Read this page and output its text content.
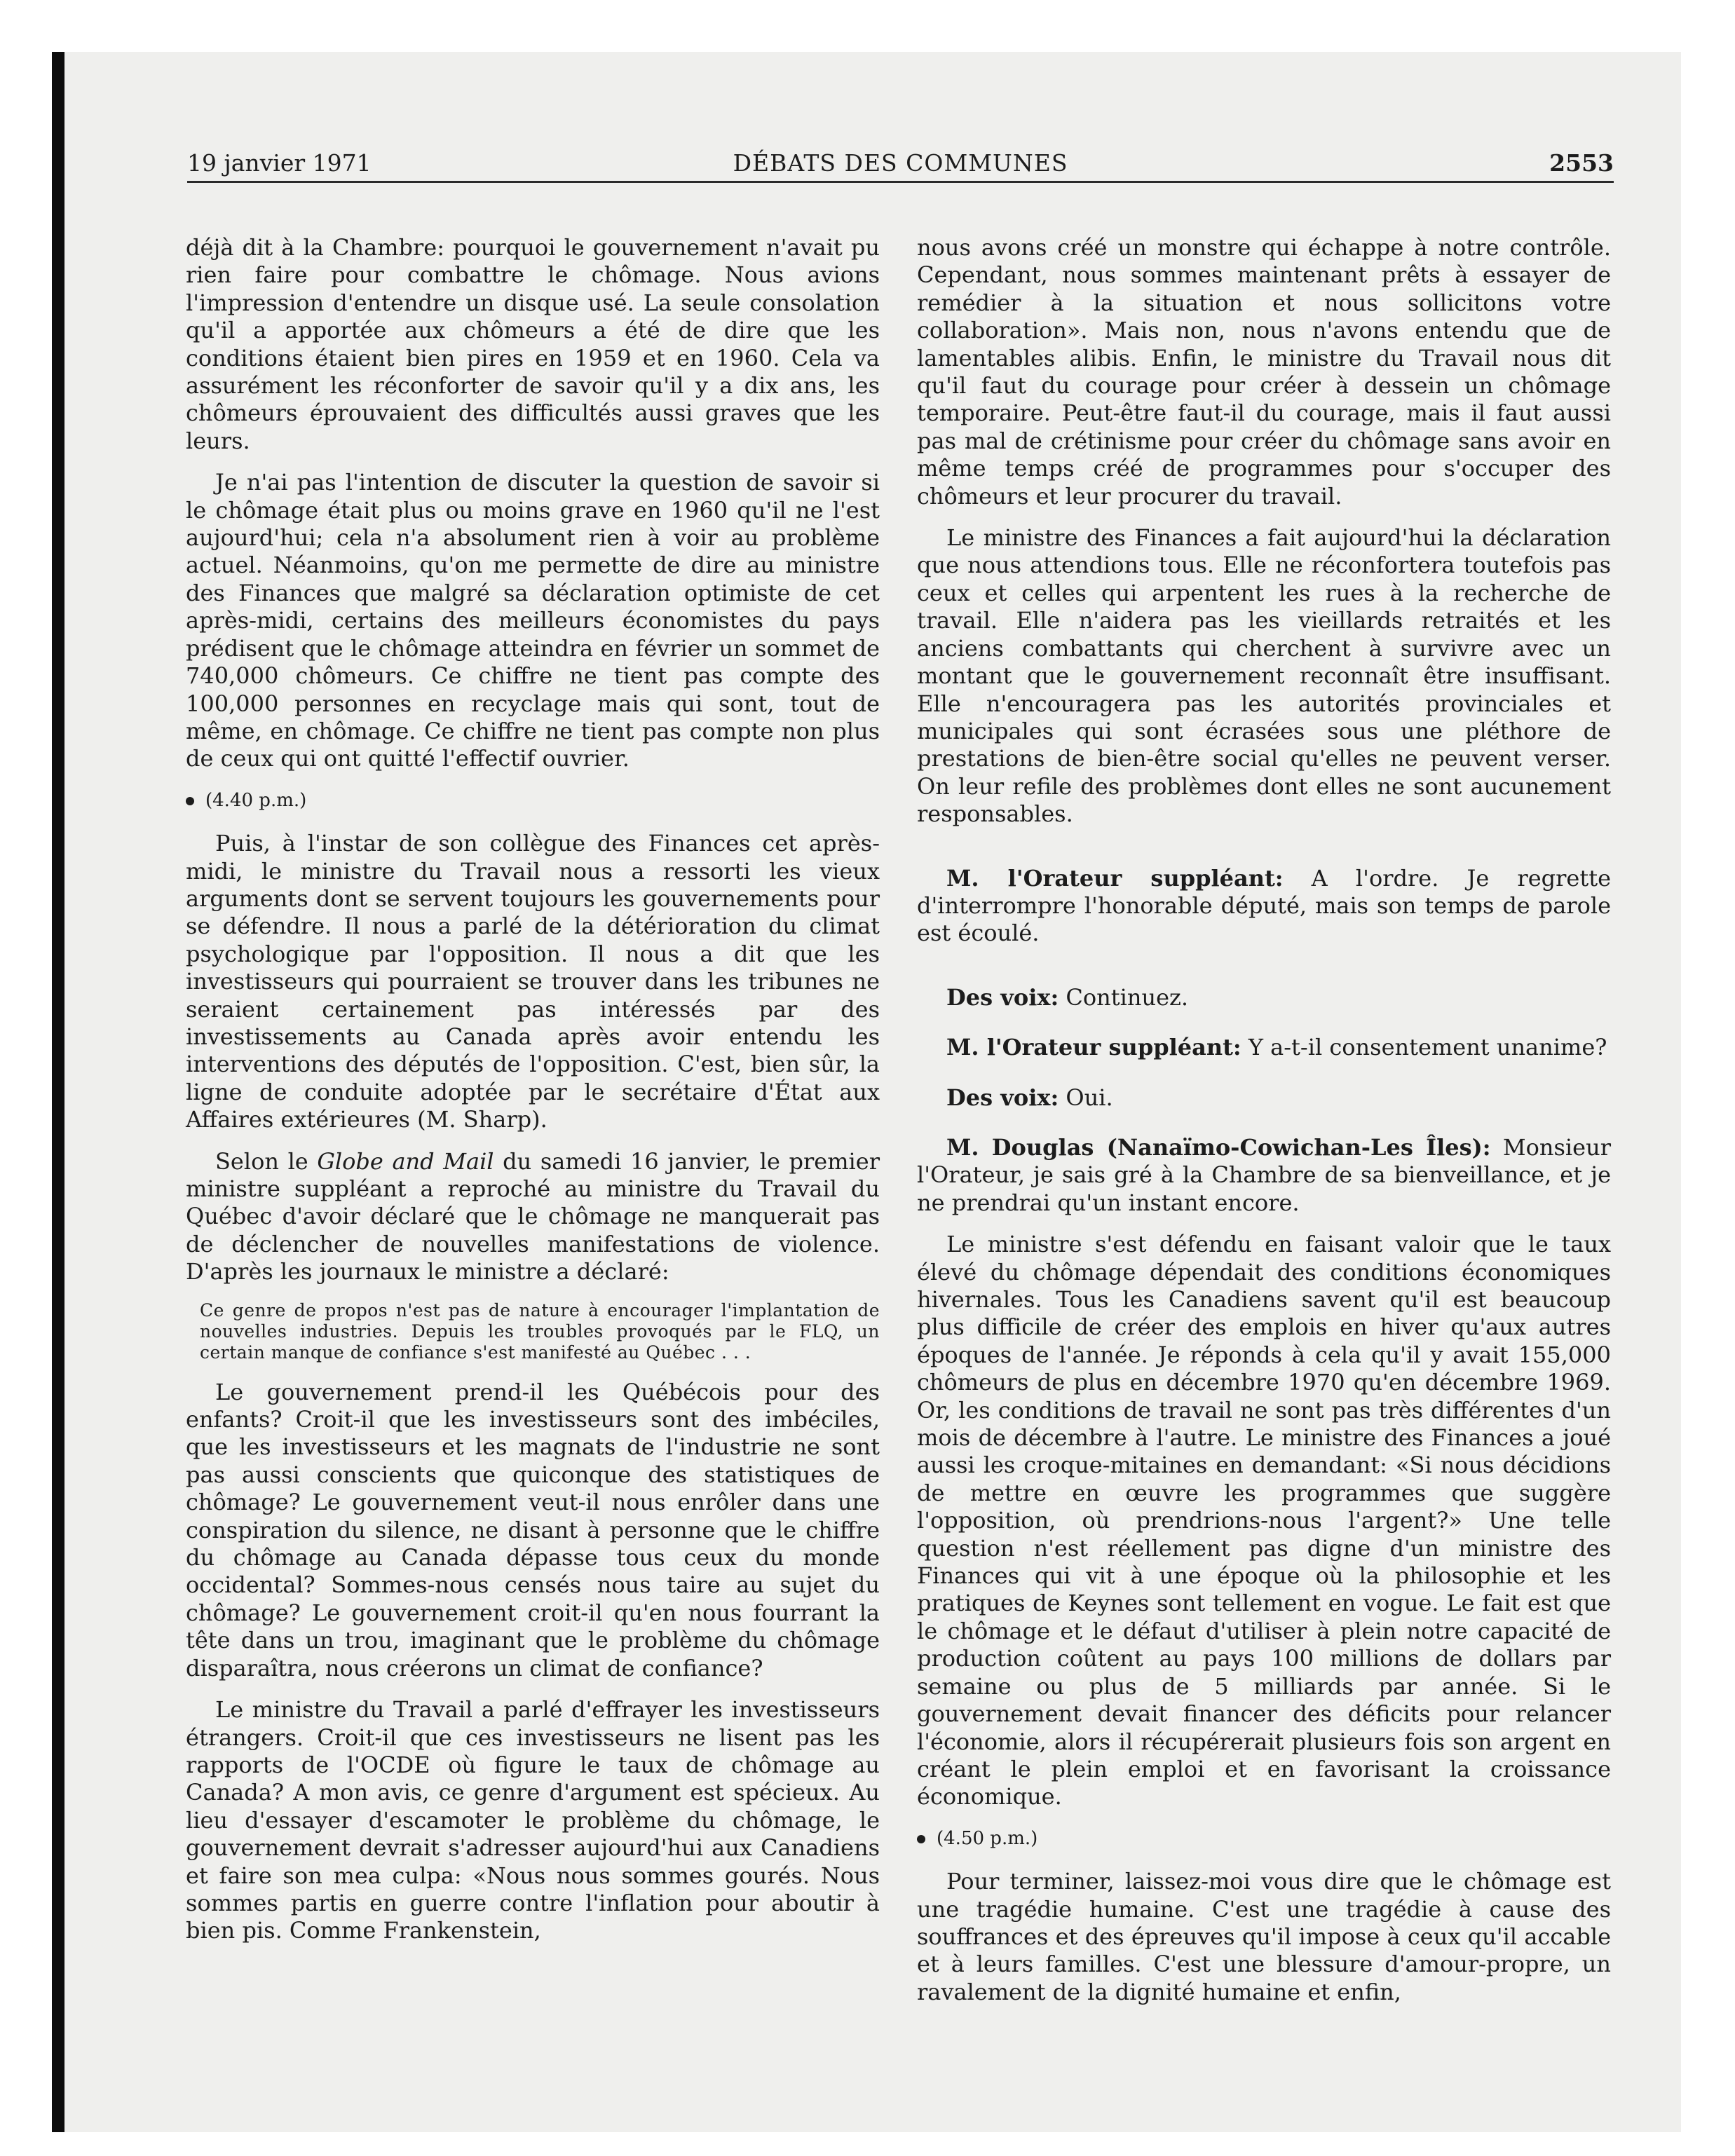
19 janvier 1971	DÉBATS DES COMMUNES	2553

déjà dit à la Chambre: pourquoi le gouvernement n'avait pu rien faire pour combattre le chômage. Nous avions l'impression d'entendre un disque usé. La seule consolation qu'il a apportée aux chômeurs a été de dire que les conditions étaient bien pires en 1959 et en 1960. Cela va assurément les réconforter de savoir qu'il y a dix ans, les chômeurs éprouvaient des difficultés aussi graves que les leurs.

Je n'ai pas l'intention de discuter la question de savoir si le chômage était plus ou moins grave en 1960 qu'il ne l'est aujourd'hui; cela n'a absolument rien à voir au problème actuel. Néanmoins, qu'on me permette de dire au ministre des Finances que malgré sa déclaration optimiste de cet après-midi, certains des meilleurs économistes du pays prédisent que le chômage atteindra en février un sommet de 740,000 chômeurs. Ce chiffre ne tient pas compte des 100,000 personnes en recyclage mais qui sont, tout de même, en chômage. Ce chiffre ne tient pas compte non plus de ceux qui ont quitté l'effectif ouvrier.

(4.40 p.m.)

Puis, à l'instar de son collègue des Finances cet après-midi, le ministre du Travail nous a ressorti les vieux arguments dont se servent toujours les gouvernements pour se défendre. Il nous a parlé de la détérioration du climat psychologique par l'opposition. Il nous a dit que les investisseurs qui pourraient se trouver dans les tribunes ne seraient certainement pas intéressés par des investissements au Canada après avoir entendu les interventions des députés de l'opposition. C'est, bien sûr, la ligne de conduite adoptée par le secrétaire d'État aux Affaires extérieures (M. Sharp).

Selon le Globe and Mail du samedi 16 janvier, le premier ministre suppléant a reproché au ministre du Travail du Québec d'avoir déclaré que le chômage ne manquerait pas de déclencher de nouvelles manifestations de violence. D'après les journaux le ministre a déclaré:

Ce genre de propos n'est pas de nature à encourager l'implantation de nouvelles industries. Depuis les troubles provoqués par le FLQ, un certain manque de confiance s'est manifesté au Québec . . .

Le gouvernement prend-il les Québécois pour des enfants? Croit-il que les investisseurs sont des imbéciles, que les investisseurs et les magnats de l'industrie ne sont pas aussi conscients que quiconque des statistiques de chômage? Le gouvernement veut-il nous enrôler dans une conspiration du silence, ne disant à personne que le chiffre du chômage au Canada dépasse tous ceux du monde occidental? Sommes-nous censés nous taire au sujet du chômage? Le gouvernement croit-il qu'en nous fourrant la tête dans un trou, imaginant que le problème du chômage disparaîtra, nous créerons un climat de confiance?

Le ministre du Travail a parlé d'effrayer les investisseurs étrangers. Croit-il que ces investisseurs ne lisent pas les rapports de l'OCDE où figure le taux de chômage au Canada? A mon avis, ce genre d'argument est spécieux. Au lieu d'essayer d'escamoter le problème du chômage, le gouvernement devrait s'adresser aujourd'hui aux Canadiens et faire son mea culpa: «Nous nous sommes gourés. Nous sommes partis en guerre contre l'inflation pour aboutir à bien pis. Comme Frankenstein,

nous avons créé un monstre qui échappe à notre contrôle. Cependant, nous sommes maintenant prêts à essayer de remédier à la situation et nous sollicitons votre collaboration». Mais non, nous n'avons entendu que de lamentables alibis. Enfin, le ministre du Travail nous dit qu'il faut du courage pour créer à dessein un chômage temporaire. Peut-être faut-il du courage, mais il faut aussi pas mal de crétinisme pour créer du chômage sans avoir en même temps créé de programmes pour s'occuper des chômeurs et leur procurer du travail.

Le ministre des Finances a fait aujourd'hui la déclaration que nous attendions tous. Elle ne réconfortera toutefois pas ceux et celles qui arpentent les rues à la recherche de travail. Elle n'aidera pas les vieillards retraités et les anciens combattants qui cherchent à survivre avec un montant que le gouvernement reconnaît être insuffisant. Elle n'encouragera pas les autorités provinciales et municipales qui sont écrasées sous une pléthore de prestations de bien-être social qu'elles ne peuvent verser. On leur refile des problèmes dont elles ne sont aucunement responsables.

M. l'Orateur suppléant: A l'ordre. Je regrette d'interrompre l'honorable député, mais son temps de parole est écoulé.

Des voix: Continuez.

M. l'Orateur suppléant: Y a-t-il consentement unanime?

Des voix: Oui.

M. Douglas (Nanaïmo-Cowichan-Les Îles): Monsieur l'Orateur, je sais gré à la Chambre de sa bienveillance, et je ne prendrai qu'un instant encore.

Le ministre s'est défendu en faisant valoir que le taux élevé du chômage dépendait des conditions économiques hivernales. Tous les Canadiens savent qu'il est beaucoup plus difficile de créer des emplois en hiver qu'aux autres époques de l'année. Je réponds à cela qu'il y avait 155,000 chômeurs de plus en décembre 1970 qu'en décembre 1969. Or, les conditions de travail ne sont pas très différentes d'un mois de décembre à l'autre. Le ministre des Finances a joué aussi les croque-mitaines en demandant: «Si nous décidions de mettre en œuvre les programmes que suggère l'opposition, où prendrions-nous l'argent?» Une telle question n'est réellement pas digne d'un ministre des Finances qui vit à une époque où la philosophie et les pratiques de Keynes sont tellement en vogue. Le fait est que le chômage et le défaut d'utiliser à plein notre capacité de production coûtent au pays 100 millions de dollars par semaine ou plus de 5 milliards par année. Si le gouvernement devait financer des déficits pour relancer l'économie, alors il récupérerait plusieurs fois son argent en créant le plein emploi et en favorisant la croissance économique.

(4.50 p.m.)

Pour terminer, laissez-moi vous dire que le chômage est une tragédie humaine. C'est une tragédie à cause des souffrances et des épreuves qu'il impose à ceux qu'il accable et à leurs familles. C'est une blessure d'amour-propre, un ravalement de la dignité humaine et enfin,
